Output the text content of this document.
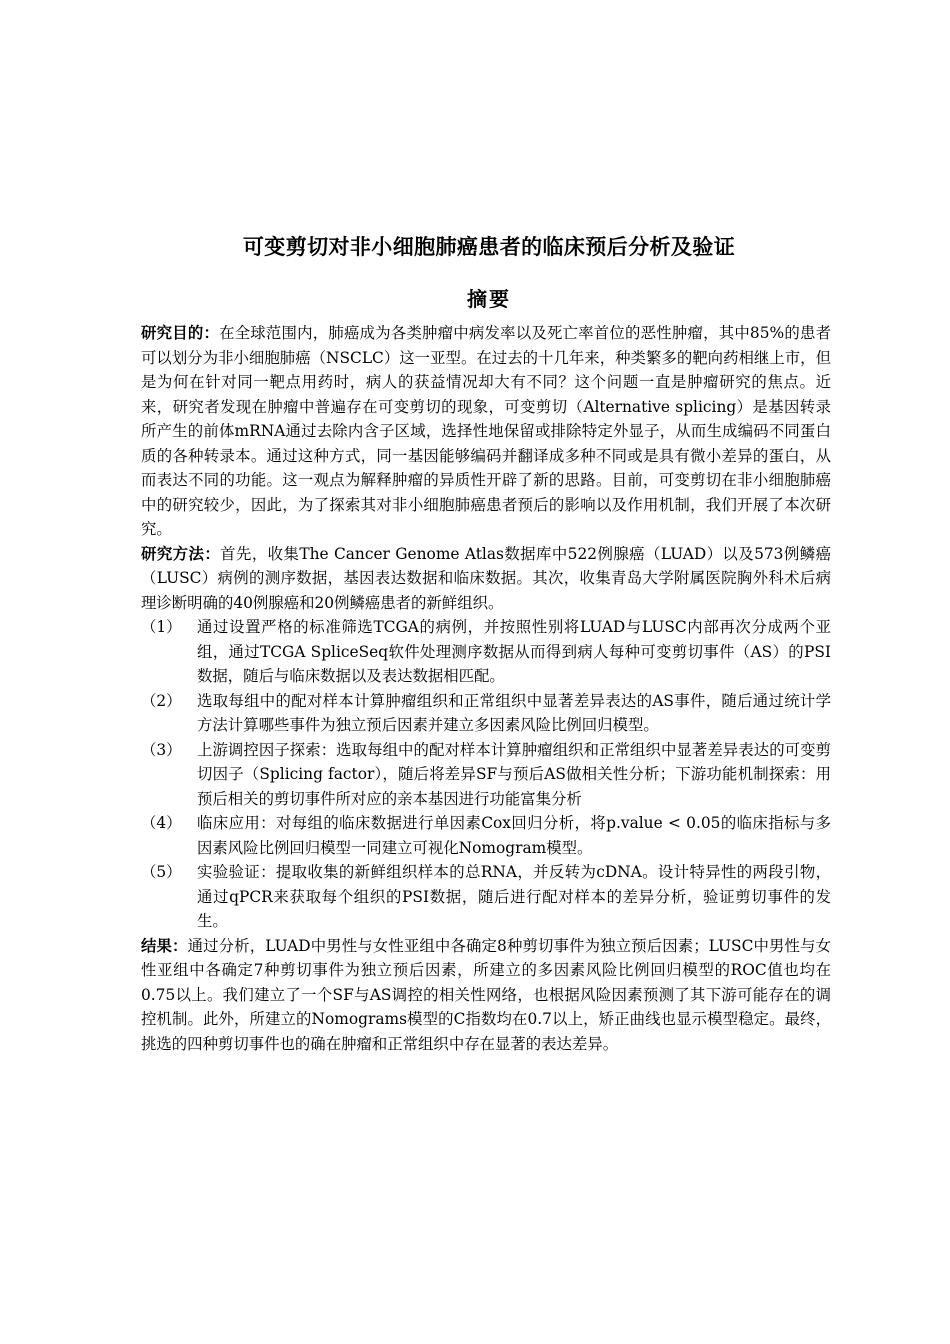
可变剪切对非小细胞肺癌患者的临床预后分析及验证
摘要

研究目的：在全球范围内，肺癌成为各类肿瘤中病发率以及死亡率首位的恶性肿瘤，其中85%的患者可以划分为非小细胞肺癌（NSCLC）这一亚型。在过去的十几年来，种类繁多的靶向药相继上市，但是为何在针对同一靶点用药时，病人的获益情况却大有不同？这个问题一直是肿瘤研究的焦点。近来，研究者发现在肿瘤中普遍存在可变剪切的现象，可变剪切（Alternative splicing）是基因转录所产生的前体mRNA通过去除内含子区域，选择性地保留或排除特定外显子，从而生成编码不同蛋白质的各种转录本。通过这种方式，同一基因能够编码并翻译成多种不同或是具有微小差异的蛋白，从而表达不同的功能。这一观点为解释肿瘤的异质性开辟了新的思路。目前，可变剪切在非小细胞肺癌中的研究较少，因此，为了探索其对非小细胞肺癌患者预后的影响以及作用机制，我们开展了本次研究。

研究方法：首先，收集The Cancer Genome Atlas数据库中522例腺癌（LUAD）以及573例鳞癌（LUSC）病例的测序数据，基因表达数据和临床数据。其次，收集青岛大学附属医院胸外科术后病理诊断明确的40例腺癌和20例鳞癌患者的新鲜组织。

（1） 通过设置严格的标准筛选TCGA的病例，并按照性别将LUAD与LUSC内部再次分成两个亚组，通过TCGA SpliceSeq软件处理测序数据从而得到病人每种可变剪切事件（AS）的PSI数据，随后与临床数据以及表达数据相匹配。
（2） 选取每组中的配对样本计算肿瘤组织和正常组织中显著差异表达的AS事件，随后通过统计学方法计算哪些事件为独立预后因素并建立多因素风险比例回归模型。
（3） 上游调控因子探索：选取每组中的配对样本计算肿瘤组织和正常组织中显著差异表达的可变剪切因子（Splicing factor），随后将差异SF与预后AS做相关性分析；下游功能机制探索：用预后相关的剪切事件所对应的亲本基因进行功能富集分析
（4） 临床应用：对每组的临床数据进行单因素Cox回归分析，将p.value < 0.05的临床指标与多因素风险比例回归模型一同建立可视化Nomogram模型。
（5） 实验验证：提取收集的新鲜组织样本的总RNA，并反转为cDNA。设计特异性的两段引物，通过qPCR来获取每个组织的PSI数据，随后进行配对样本的差异分析，验证剪切事件的发生。

结果：通过分析，LUAD中男性与女性亚组中各确定8种剪切事件为独立预后因素；LUSC中男性与女性亚组中各确定7种剪切事件为独立预后因素，所建立的多因素风险比例回归模型的ROC值也均在0.75以上。我们建立了一个SF与AS调控的相关性网络，也根据风险因素预测了其下游可能存在的调控机制。此外，所建立的Nomograms模型的C指数均在0.7以上，矫正曲线也显示模型稳定。最终，挑选的四种剪切事件也的确在肿瘤和正常组织中存在显著的表达差异。
